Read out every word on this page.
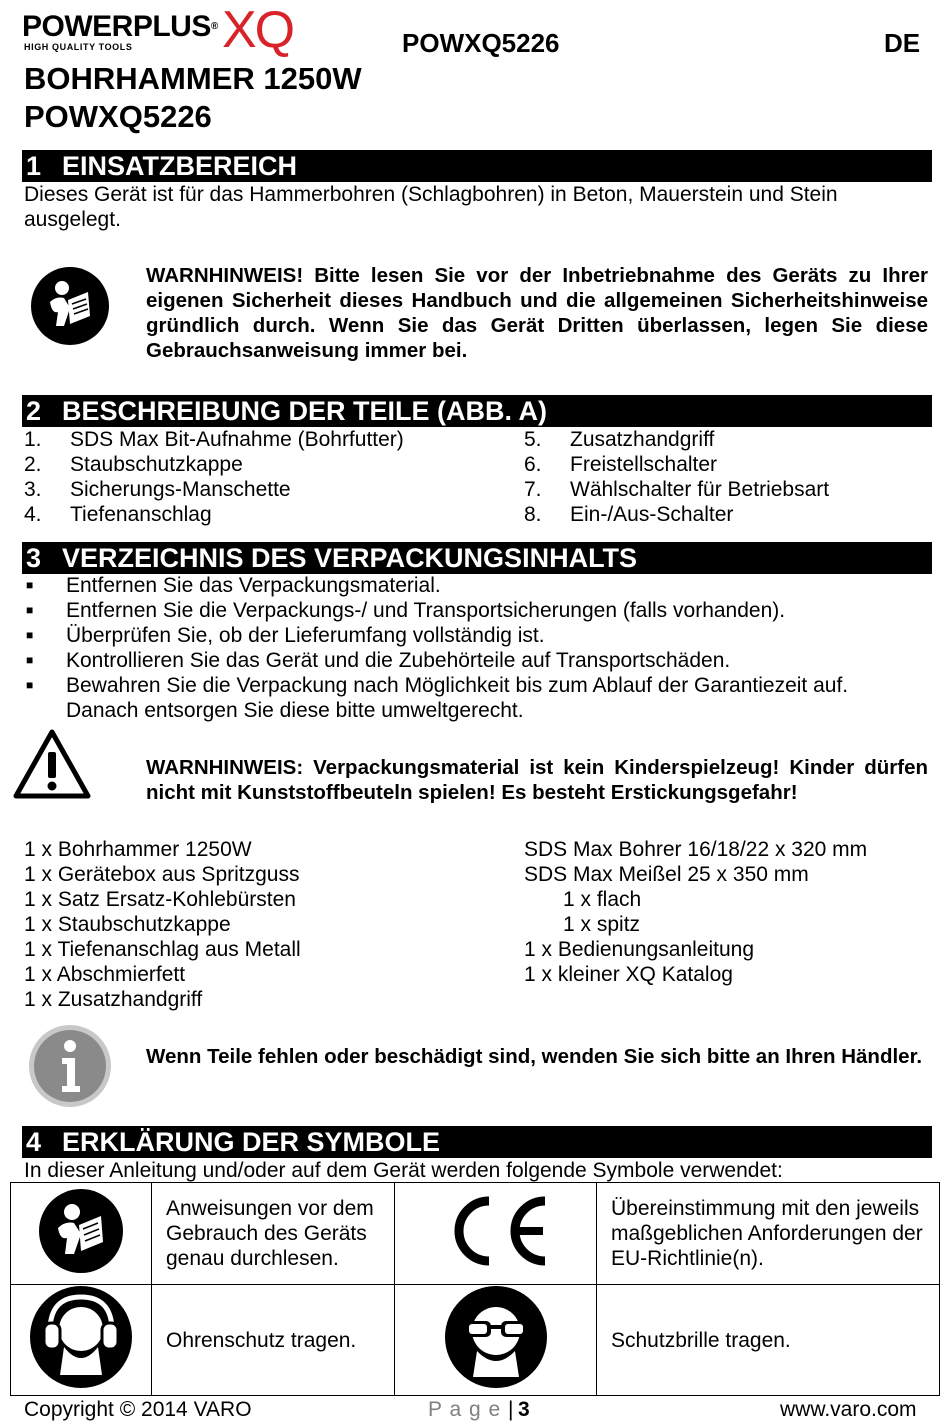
POWERPLUS®
HIGH QUALITY TOOLS XQ	POWXQ5226	DE
BOHRHAMMER 1250W
POWXQ5226
1 EINSATZBEREICH
Dieses Gerät ist für das Hammerbohren (Schlagbohren) in Beton, Mauerstein und Stein
ausgelegt.
WARNHINWEIS! Bitte lesen Sie vor der Inbetriebnahme des Geräts zu Ihrer eigenen Sicherheit dieses Handbuch und die allgemeinen Sicherheitshinweise gründlich durch. Wenn Sie das Gerät Dritten überlassen, legen Sie diese Gebrauchsanweisung immer bei.
2 BESCHREIBUNG DER TEILE (ABB. A)
1.	SDS Max Bit-Aufnahme (Bohrfutter)
2.	Staubschutzkappe
3.	Sicherungs-Manschette
4.	Tiefenanschlag
5.	Zusatzhandgriff
6.	Freistellschalter
7.	Wählschalter für Betriebsart
8.	Ein-/Aus-Schalter
3 VERZEICHNIS DES VERPACKUNGSINHALTS
■	Entfernen Sie das Verpackungsmaterial.
■	Entfernen Sie die Verpackungs-/ und Transportsicherungen (falls vorhanden).
■	Überprüfen Sie, ob der Lieferumfang vollständig ist.
■	Kontrollieren Sie das Gerät und die Zubehörteile auf Transportschäden.
■	Bewahren Sie die Verpackung nach Möglichkeit bis zum Ablauf der Garantiezeit auf.
Danach entsorgen Sie diese bitte umweltgerecht.
WARNHINWEIS: Verpackungsmaterial ist kein Kinderspielzeug! Kinder dürfen nicht mit Kunststoffbeuteln spielen! Es besteht Erstickungsgefahr!
1 x Bohrhammer 1250W
1 x Gerätebox aus Spritzguss
1 x Satz Ersatz-Kohlebürsten
1 x Staubschutzkappe
1 x Tiefenanschlag aus Metall
1 x Abschmierfett
1 x Zusatzhandgriff
SDS Max Bohrer 16/18/22 x 320 mm
SDS Max Meißel 25 x 350 mm
1 x flach
1 x spitz
1 x Bedienungsanleitung
1 x kleiner XQ Katalog
Wenn Teile fehlen oder beschädigt sind, wenden Sie sich bitte an Ihren Händler.
4 ERKLÄRUNG DER SYMBOLE
In dieser Anleitung und/oder auf dem Gerät werden folgende Symbole verwendet:
	Anweisungen vor dem Gebrauch des Geräts genau durchlesen.		Übereinstimmung mit den jeweils maßgeblichen Anforderungen der EU-Richtlinie(n).
	Ohrenschutz tragen.		Schutzbrille tragen.
Copyright © 2014 VARO	P a g e | 3	www.varo.com
